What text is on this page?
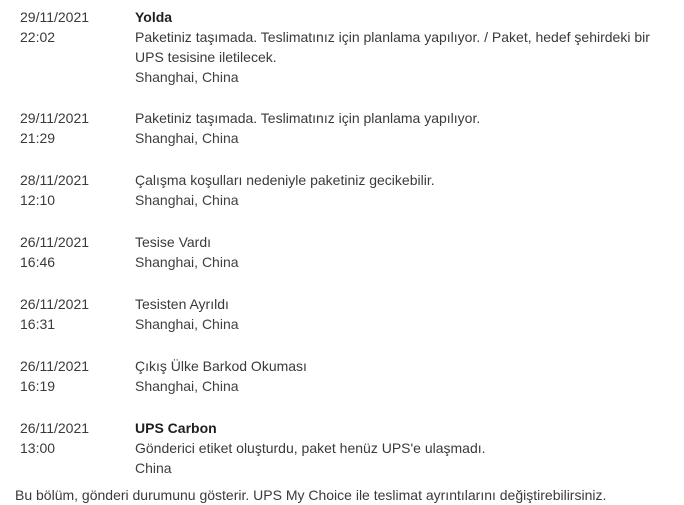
29/11/2021
22:02
Yolda
Paketiniz taşımada. Teslimatınız için planlama yapılıyor. / Paket, hedef şehirdeki bir UPS tesisine iletilecek.
Shanghai, China
29/11/2021
21:29
Paketiniz taşımada. Teslimatınız için planlama yapılıyor.
Shanghai, China
28/11/2021
12:10
Çalışma koşulları nedeniyle paketiniz gecikebilir.
Shanghai, China
26/11/2021
16:46
Tesise Vardı
Shanghai, China
26/11/2021
16:31
Tesisten Ayrıldı
Shanghai, China
26/11/2021
16:19
Çıkış Ülke Barkod Okuması
Shanghai, China
26/11/2021
13:00
UPS Carbon
Gönderici etiket oluşturdu, paket henüz UPS'e ulaşmadı.
China
Bu bölüm, gönderi durumunu gösterir. UPS My Choice ile teslimat ayrıntılarını değiştirebilirsiniz.
